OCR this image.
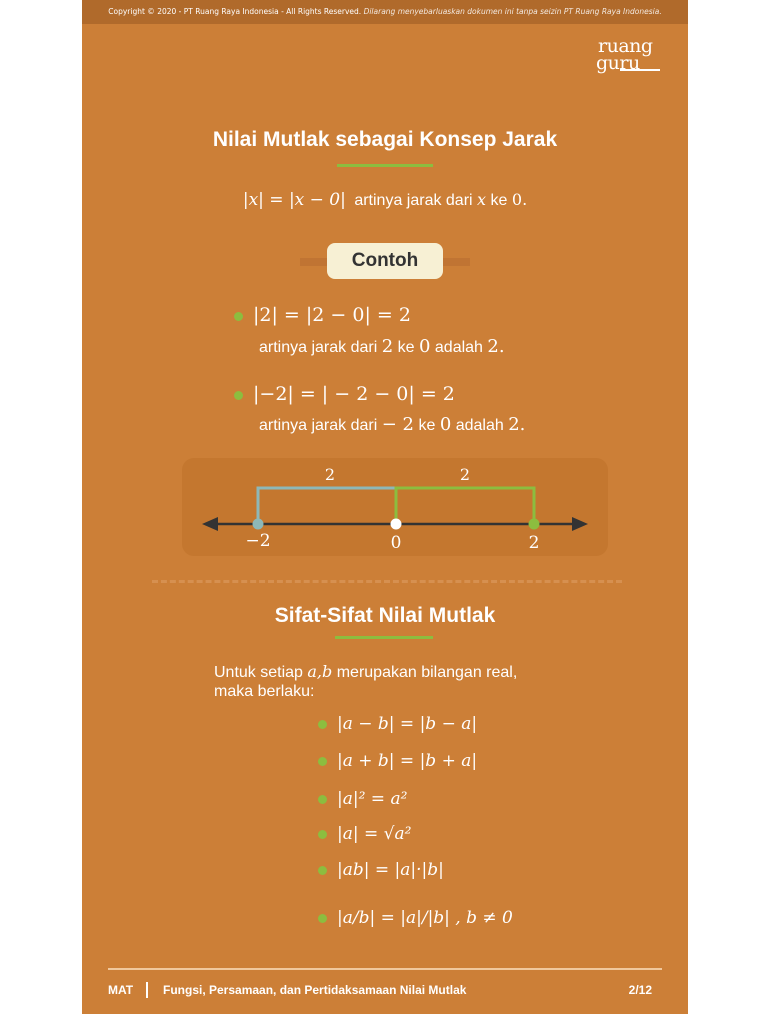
Copyright © 2020 - PT Ruang Raya Indonesia - All Rights Reserved. Dilarang menyebarluaskan dokumen ini tanpa seizin PT Ruang Raya Indonesia.
ruang
guru
Nilai Mutlak sebagai Konsep Jarak
|x| = |x − 0| artinya jarak dari x ke 0.
Contoh
|2| = |2 − 0| = 2
artinya jarak dari 2 ke 0 adalah 2.
|−2| = | − 2 − 0| = 2
artinya jarak dari − 2 ke 0 adalah 2.
2	2
−2	0	2
Sifat-Sifat Nilai Mutlak
Untuk setiap a,b merupakan bilangan real,
maka berlaku:
|a − b| = |b − a|
|a + b| = |b + a|
|a|² = a²
|a| = √a²
|ab| = |a|·|b|
|a/b| = |a|/|b| , b ≠ 0
MAT Fungsi, Persamaan, dan Pertidaksamaan Nilai Mutlak	2/12
